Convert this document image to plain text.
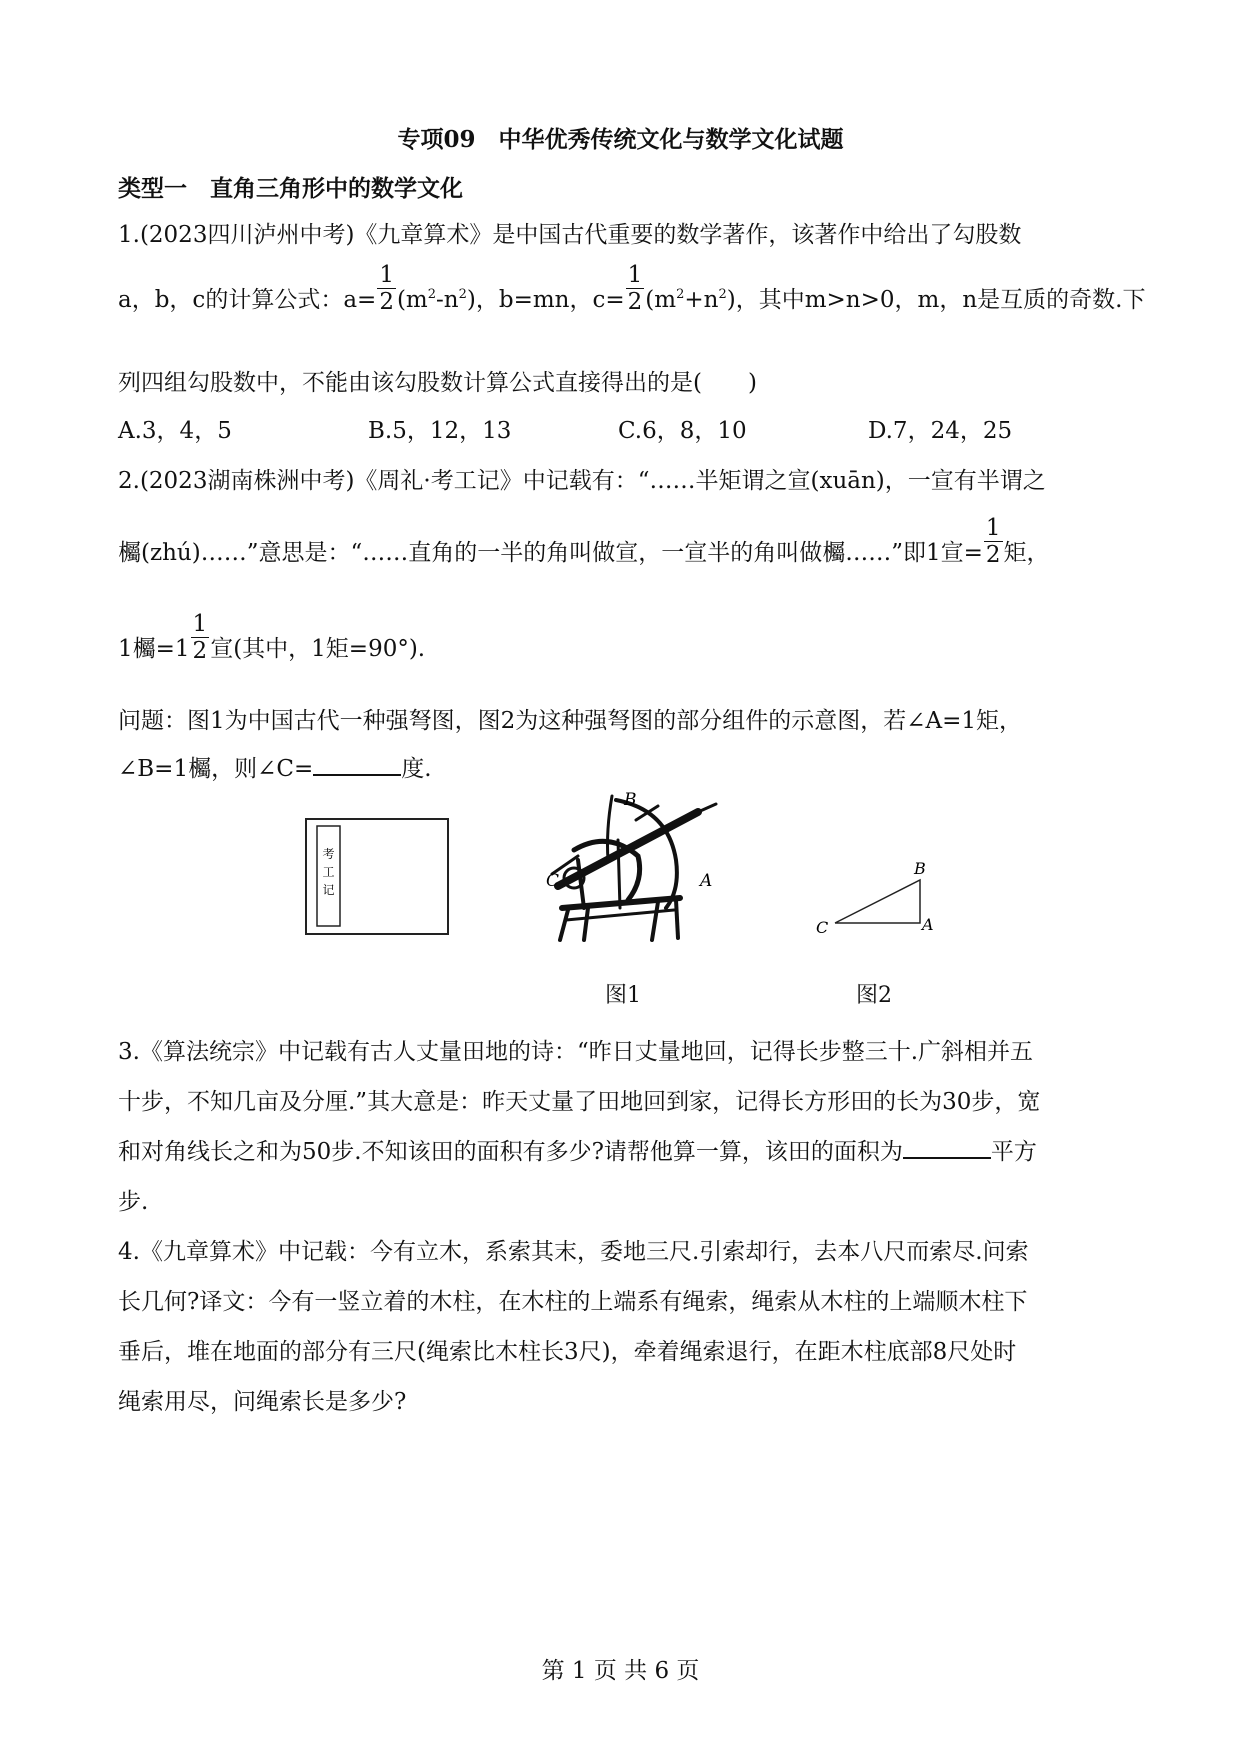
专项09　中华优秀传统文化与数学文化试题
类型一　直角三角形中的数学文化
1.(2023四川泸州中考)《九章算术》是中国古代重要的数学著作，该著作中给出了勾股数
a，b，c的计算公式：$a= \frac{1}{2} (m^2-n^2)$，b=mn，$c= \frac{1}{2} (m^2+n^2)$，其中m>n>0，m，n是互质的奇数.下
列四组勾股数中，不能由该勾股数计算公式直接得出的是(　　)
A.3，4，5	B.5，12，13	C.6，8，10	D.7，24，25
2.(2023湖南株洲中考)《周礼·考工记》中记载有：“……半矩谓之宣(xuān)，一宣有半谓之
欘(zhú)……”意思是：“……直角的一半的角叫做宣，一宣半的角叫做欘……”即1宣= $\frac{1}{2}$ 矩，
1欘$=1 \frac{1}{2}$ 宣(其中，1矩=90°).
问题：图1为中国古代一种强弩图，图2为这种强弩图的部分组件的示意图，若∠A=1矩，
∠B=1欘，则∠C=	度.
考
工
记
B
C	A
B
C	A
图1	图2
3.《算法统宗》中记载有古人丈量田地的诗：“昨日丈量地回，记得长步整三十.广斜相并五
十步，不知几亩及分厘.”其大意是：昨天丈量了田地回到家，记得长方形田的长为30步，宽
和对角线长之和为50步.不知该田的面积有多少?请帮他算一算，该田的面积为	平方
步.
4.《九章算术》中记载：今有立木，系索其末，委地三尺.引索却行，去本八尺而索尽.问索
长几何?译文：今有一竖立着的木柱，在木柱的上端系有绳索，绳索从木柱的上端顺木柱下
垂后，堆在地面的部分有三尺(绳索比木柱长3尺)，牵着绳索退行，在距木柱底部8尺处时
绳索用尽，问绳索长是多少?
第 1 页 共 6 页
